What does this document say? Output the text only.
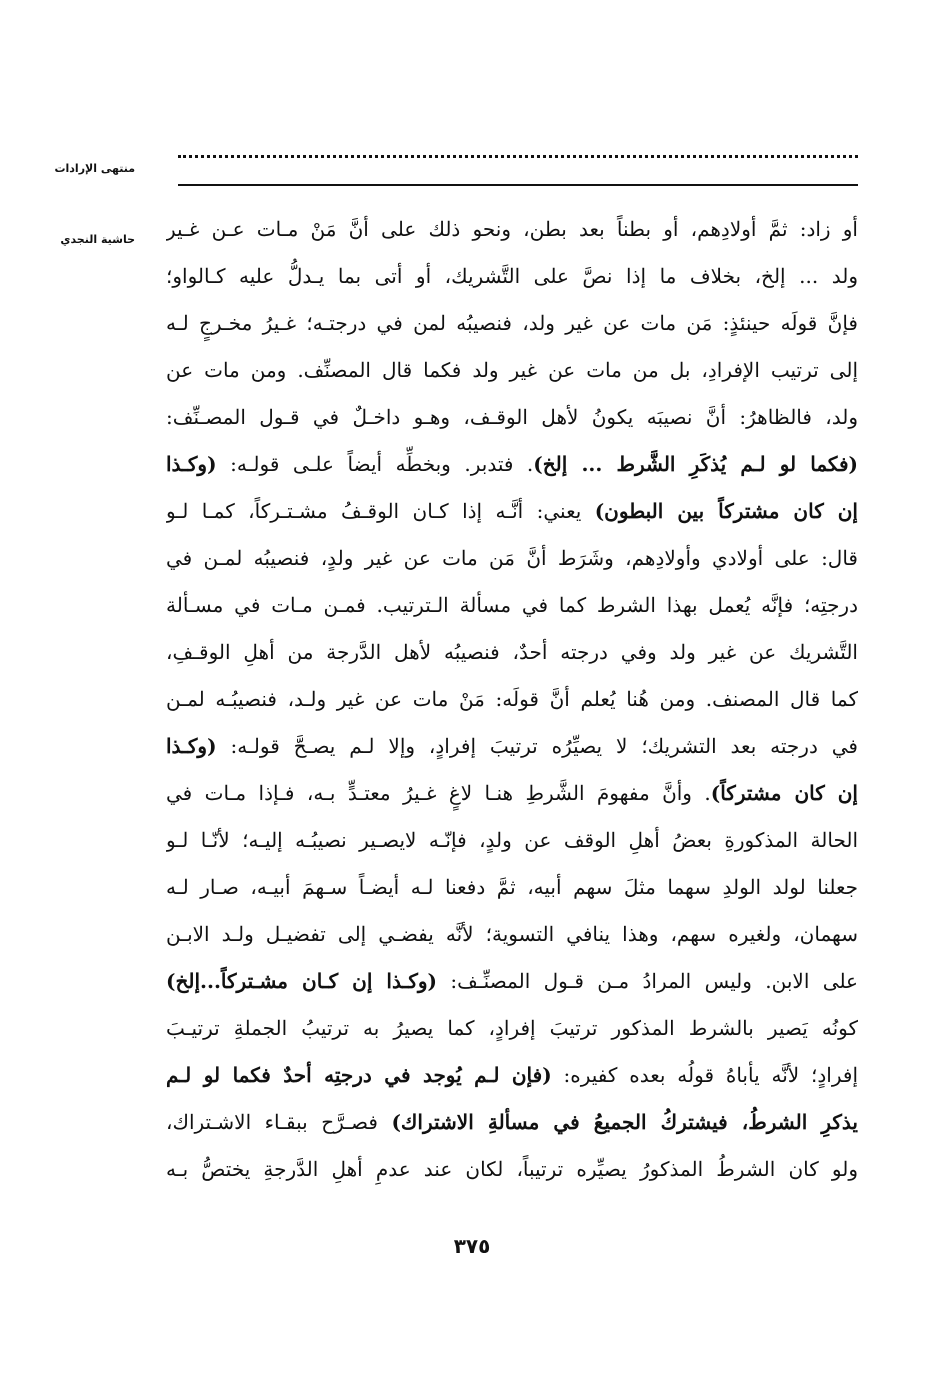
منتهى الإرادات
حاشية النجدي أو زاد: ثمَّ أولادِهم، أو بطناً بعد بطن، ونحو ذلك على أنَّ مَنْ مـات عـن غـير
ولد ... إلخ، بخلاف ما إذا نصَّ على التَّشريك، أو أتى بما يـدلُّ عليه كـالواو؛
فإنَّ قولَه حينئذٍ: مَن مات عن غير ولد، فنصيبُه لمن في درجتـه؛ غـيرُ مخـرجٍ لـه
إلى ترتيب الإفرادِ، بل من مات عن غير ولد فكما قال المصنِّف. ومن مات عن
ولد، فالظاهرُ: أنَّ نصيبَه يكونُ لأهل الوقـف، وهـو داخـلٌ في قـول المصـنِّف:
(فكما لو لـم يُذكَرِ الشَّرط ... إلخ). فتدبر. وبخطِّه أيضاً علـى قولـه: (وكـذا
إن كان مشتركاً بين البطون) يعني: أنَّـه إذا كـان الوقـفُ مشـتـركاً، كمـا لـو
قال: على أولادي وأولادِهم، وشَرَط أنَّ مَن مات عن غير ولدٍ، فنصيبُه لمـن في
درجتِه؛ فإنَّه يُعمل بهذا الشرط كما في مسألة الـترتيب. فمـن مـات في مسـألة
التَّشريك عن غير ولد وفي درجته أحدٌ، فنصيبُه لأهل الدَّرجة من أهلِ الوقـفِ،
كما قال المصنف. ومن هُنا يُعلم أنَّ قولَه: مَنْ مات عن غير ولـد، فنصيبُـه لمـن
في درجته بعد التشريك؛ لا يصيِّرُه ترتيبَ إفرادٍ، وإلا لـم يصـحَّ قولـه: (وكـذا
إن كان مشتركاً). وأنَّ مفهومَ الشَّرطِ هنـا لاغٍ غـيرُ معتـدٍّ بـه، فـإذا مـات في
الحالة المذكورةِ بعضُ أهلِ الوقف عن ولدٍ، فإنّـه لايصـير نصيبُـه إليـه؛ لأنّـا لـو
جعلنا لولد الولدِ سهما مثلَ سهم أبيه، ثمَّ دفعنا لـه أيضـاً سـهمَ أبيـه، صـار لـه
سهمان، ولغيره سهم، وهذا ينافي التسوية؛ لأنَّه يفضـي إلى تفضيـل ولـد الابـن
على الابن. وليس المرادُ مـن قـول المصنِّـف: (وكـذا إن كـان مشـتركاً...إلخ)
كونُه يَصير بالشرط المذكور ترتيبَ إفرادٍ، كما يصيرُ به ترتيبُ الجملةِ ترتيـبَ
إفرادٍ؛ لأنَّه يأباهُ قولُه بعده كفيره: (فإن لـم يُوجد في درجتِه أحدٌ فكما لو لـم
يذكرِ الشرطُ، فيشتركُ الجميعُ في مسألةِ الاشتراك) فصـرَّح ببقـاء الاشـتراك،
ولو كان الشرطُ المذكورُ يصيِّره ترتيباً، لكان عند عدمِ أهلِ الدَّرجةِ يختصُّ بـه
٣٧٥
